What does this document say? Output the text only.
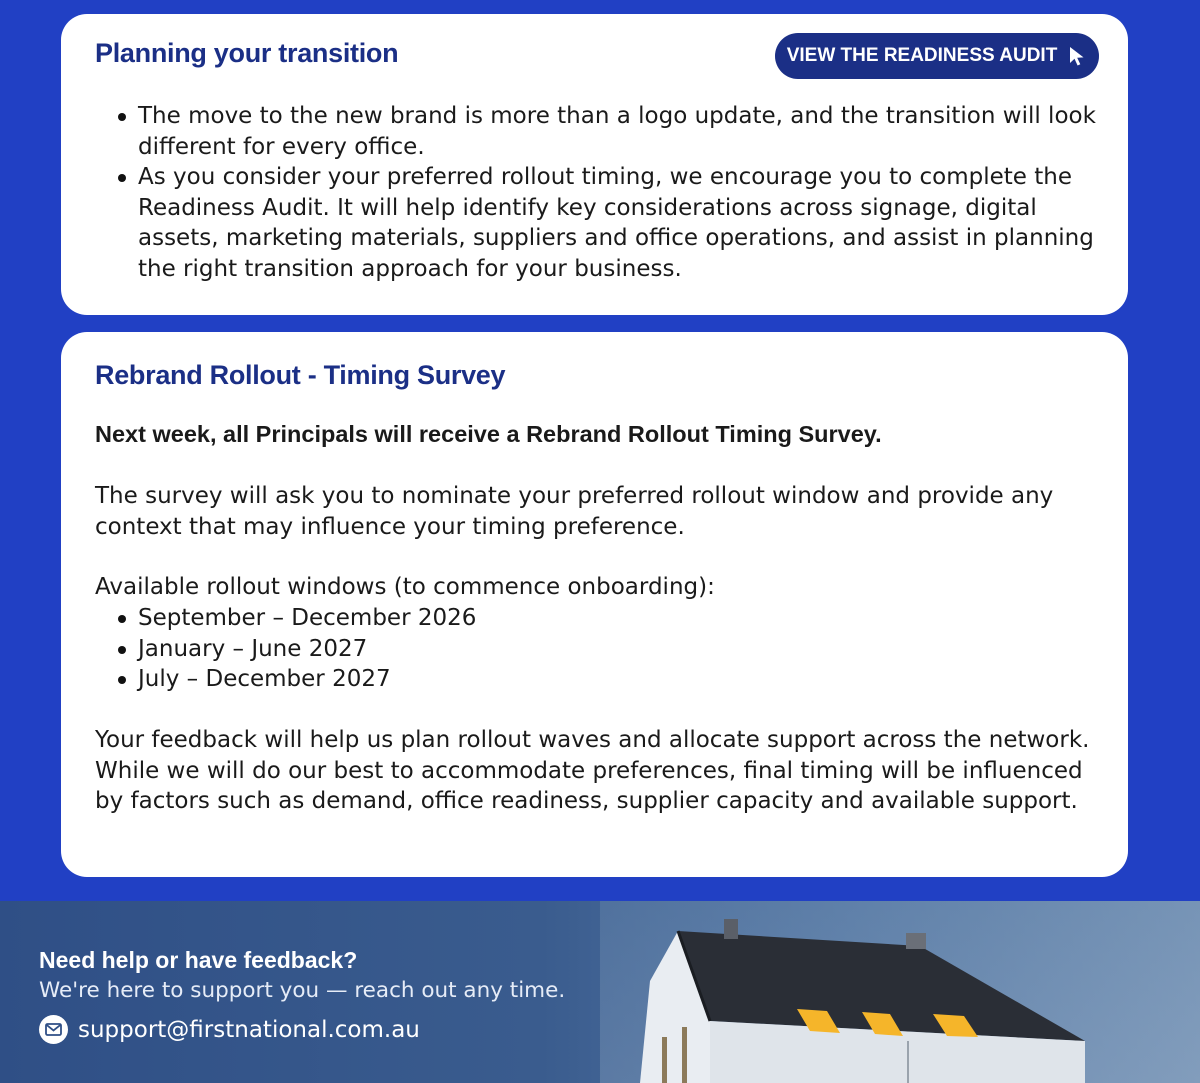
Planning your transition	VIEW THE READINESS AUDIT
The move to the new brand is more than a logo update, and the transition will look different for every office.
As you consider your preferred rollout timing, we encourage you to complete the Readiness Audit. It will help identify key considerations across signage, digital assets, marketing materials, suppliers and office operations, and assist in planning the right transition approach for your business.
Rebrand Rollout - Timing Survey

Next week, all Principals will receive a Rebrand Rollout Timing Survey.

The survey will ask you to nominate your preferred rollout window and provide any context that may influence your timing preference.

Available rollout windows (to commence onboarding):

September – December 2026
January – June 2027
July – December 2027

Your feedback will help us plan rollout waves and allocate support across the network. While we will do our best to accommodate preferences, final timing will be influenced by factors such as demand, office readiness, supplier capacity and available support.

Need help or have feedback?
We're here to support you — reach out any time.
support@firstnational.com.au
